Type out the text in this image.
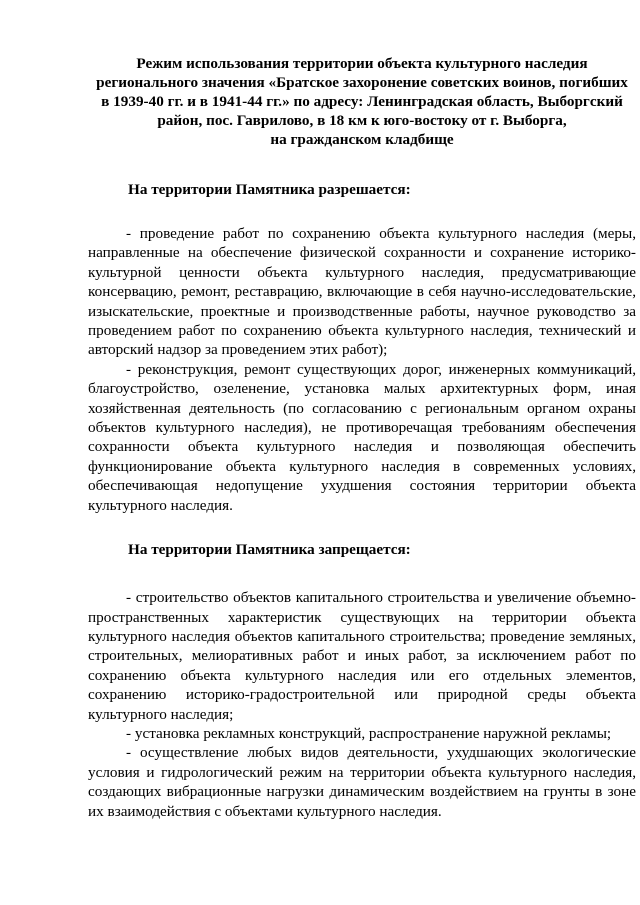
Режим использования территории объекта культурного наследия
регионального значения «Братское захоронение советских воинов, погибших
в 1939-40 гг. и в 1941-44 гг.» по адресу: Ленинградская область, Выборгский
район, пос. Гаврилово, в 18 км к юго-востоку от г. Выборга,
на гражданском кладбище
На территории Памятника разрешается:

- проведение работ по сохранению объекта культурного наследия (меры, направленные на обеспечение физической сохранности и сохранение историко-культурной ценности объекта культурного наследия, предусматривающие консервацию, ремонт, реставрацию, включающие в себя научно-исследовательские, изыскательские, проектные и производственные работы, научное руководство за проведением работ по сохранению объекта культурного наследия, технический и авторский надзор за проведением этих работ);

- реконструкция, ремонт существующих дорог, инженерных коммуникаций, благоустройство, озеленение, установка малых архитектурных форм, иная хозяйственная деятельность (по согласованию с региональным органом охраны объектов культурного наследия), не противоречащая требованиям обеспечения сохранности объекта культурного наследия и позволяющая обеспечить функционирование объекта культурного наследия в современных условиях, обеспечивающая недопущение ухудшения состояния территории объекта культурного наследия.

На территории Памятника запрещается:

- строительство объектов капитального строительства и увеличение объемно-пространственных характеристик существующих на территории объекта культурного наследия объектов капитального строительства; проведение земляных, строительных, мелиоративных работ и иных работ, за исключением работ по сохранению объекта культурного наследия или его отдельных элементов, сохранению историко-градостроительной или природной среды объекта культурного наследия;

- установка рекламных конструкций, распространение наружной рекламы;

- осуществление любых видов деятельности, ухудшающих экологические условия и гидрологический режим на территории объекта культурного наследия, создающих вибрационные нагрузки динамическим воздействием на грунты в зоне их взаимодействия с объектами культурного наследия.
